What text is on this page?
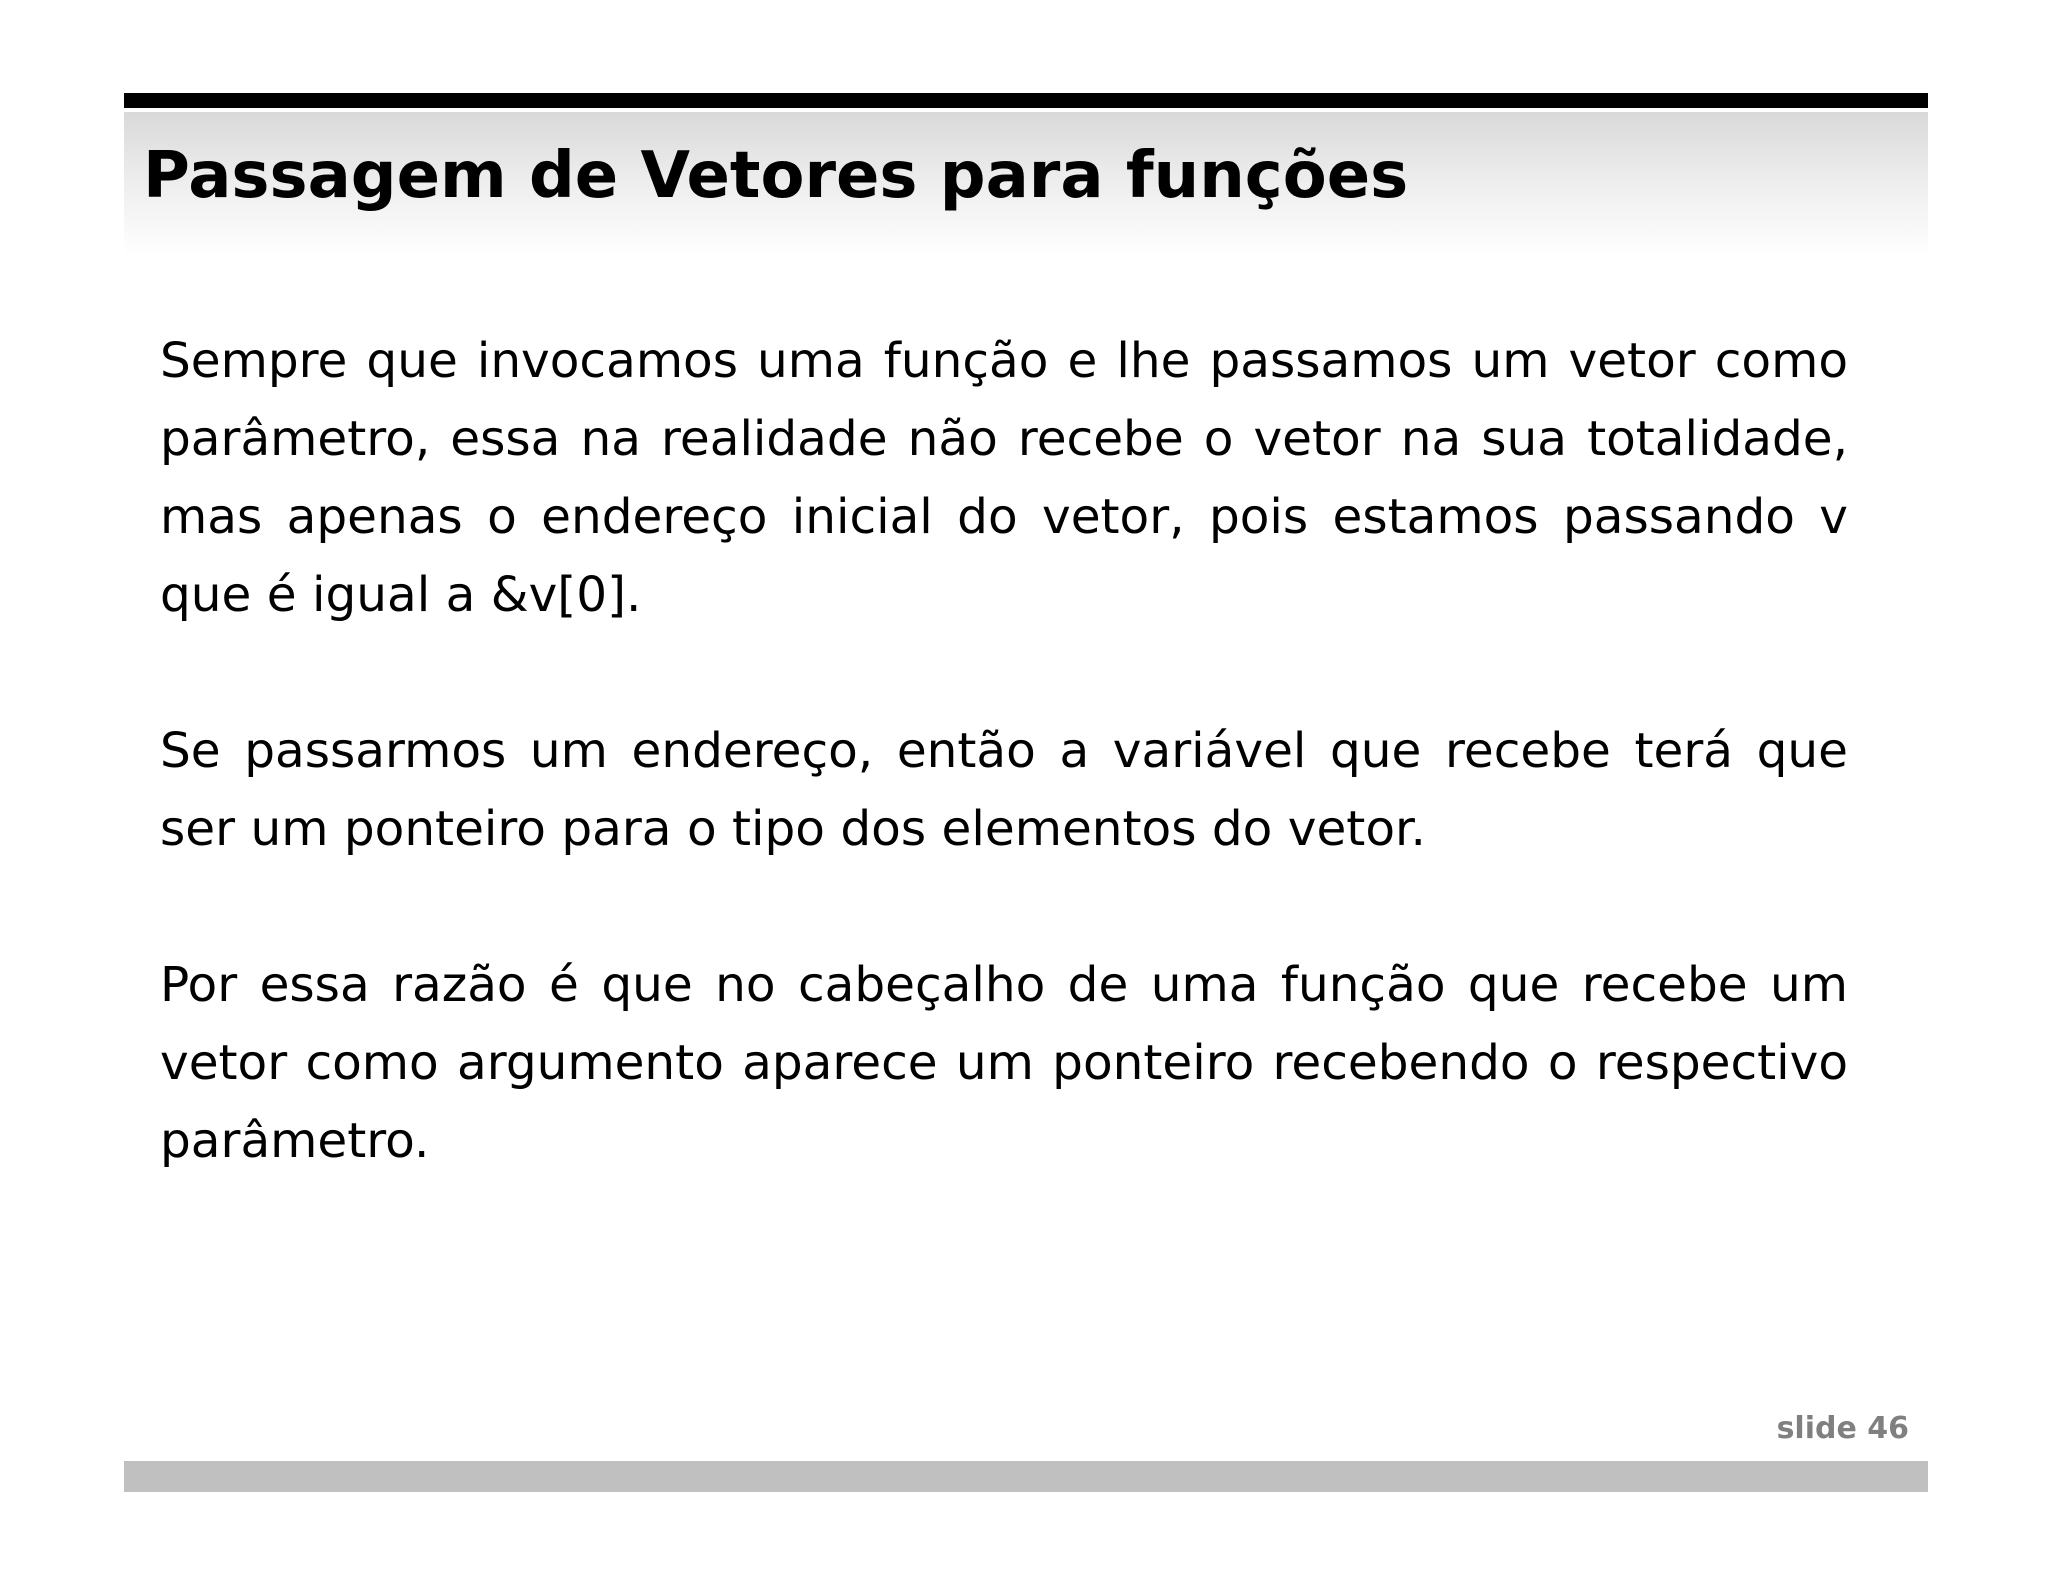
Passagem de Vetores para funções

Sempre que invocamos uma função e lhe passamos um vetor como parâmetro, essa na realidade não recebe o vetor na sua totalidade, mas apenas o endereço inicial do vetor, pois estamos passando v que é igual a &v[0].

Se passarmos um endereço, então a variável que recebe terá que ser um ponteiro para o tipo dos elementos do vetor.

Por essa razão é que no cabeçalho de uma função que recebe um vetor como argumento aparece um ponteiro recebendo o respectivo parâmetro.

slide 46
